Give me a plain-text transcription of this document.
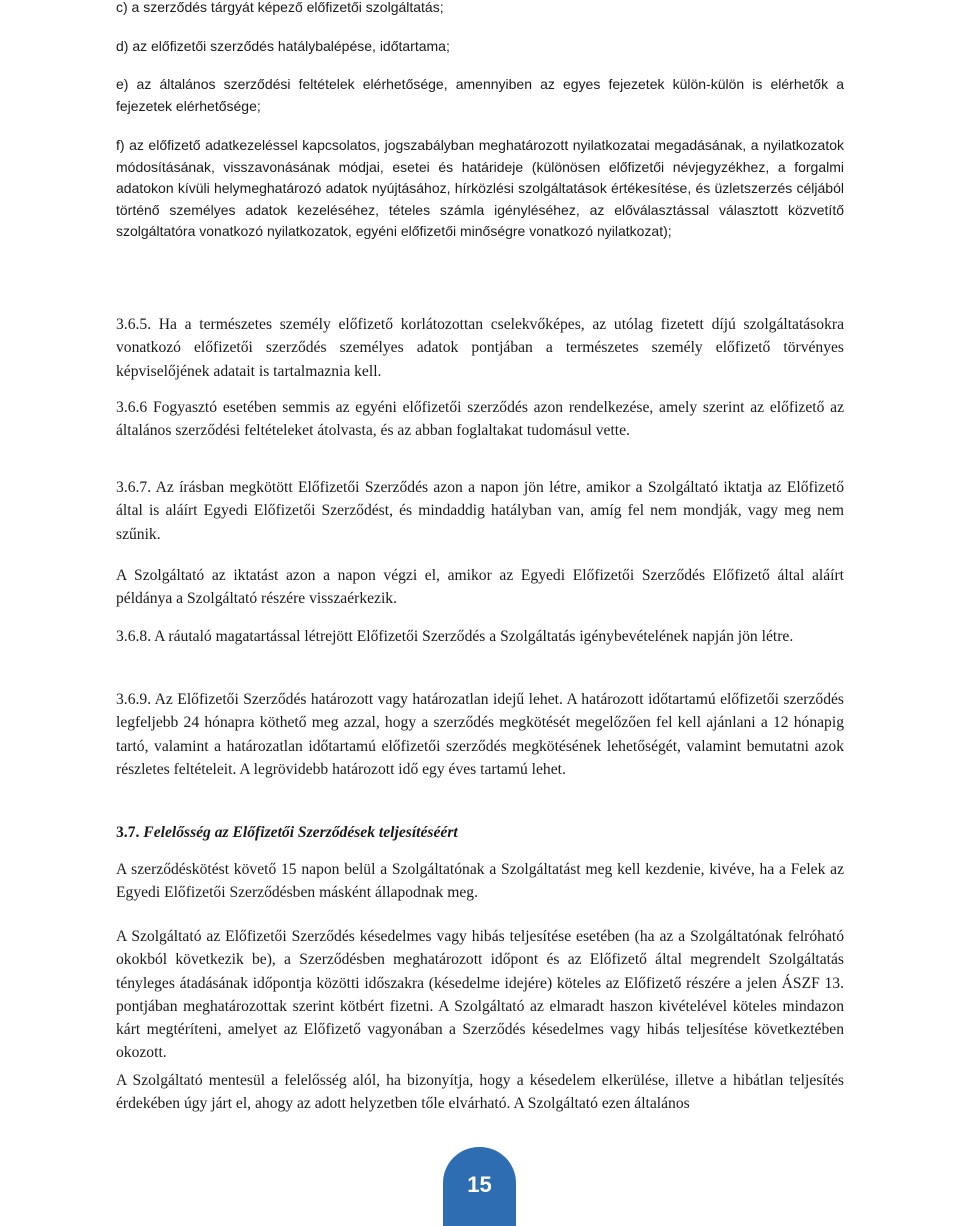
c) a szerződés tárgyát képező előfizetői szolgáltatás;

d) az előfizetői szerződés hatálybalépése, időtartama;

e) az általános szerződési feltételek elérhetősége, amennyiben az egyes fejezetek külön-külön is elérhetők a fejezetek elérhetősége;

f) az előfizető adatkezeléssel kapcsolatos, jogszabályban meghatározott nyilatkozatai megadásának, a nyilatkozatok módosításának, visszavonásának módjai, esetei és határideje (különösen előfizetői névjegyzékhez, a forgalmi adatokon kívüli helymeghatározó adatok nyújtásához, hírközlési szolgáltatások értékesítése, és üzletszerzés céljából történő személyes adatok kezeléséhez, tételes számla igényléséhez, az előválasztással választott közvetítő szolgáltatóra vonatkozó nyilatkozatok, egyéni előfizetői minőségre vonatkozó nyilatkozat);

3.6.5. Ha a természetes személy előfizető korlátozottan cselekvőképes, az utólag fizetett díjú szolgáltatásokra vonatkozó előfizetői szerződés személyes adatok pontjában a természetes személy előfizető törvényes képviselőjének adatait is tartalmaznia kell.

3.6.6 Fogyasztó esetében semmis az egyéni előfizetői szerződés azon rendelkezése, amely szerint az előfizető az általános szerződési feltételeket átolvasta, és az abban foglaltakat tudomásul vette.

3.6.7. Az írásban megkötött Előfizetői Szerződés azon a napon jön létre, amikor a Szolgáltató iktatja az Előfizető által is aláírt Egyedi Előfizetői Szerződést, és mindaddig hatályban van, amíg fel nem mondják, vagy meg nem szűnik.

A Szolgáltató az iktatást azon a napon végzi el, amikor az Egyedi Előfizetői Szerződés Előfizető által aláírt példánya a Szolgáltató részére visszaérkezik.

3.6.8. A ráutaló magatartással létrejött Előfizetői Szerződés a Szolgáltatás igénybevételének napján jön létre.

3.6.9. Az Előfizetői Szerződés határozott vagy határozatlan idejű lehet. A határozott időtartamú előfizetői szerződés legfeljebb 24 hónapra köthető meg azzal, hogy a szerződés megkötését megelőzően fel kell ajánlani a 12 hónapig tartó, valamint a határozatlan időtartamú előfizetői szerződés megkötésének lehetőségét, valamint bemutatni azok részletes feltételeit. A legrövidebb határozott idő egy éves tartamú lehet.

3.7. Felelősség az Előfizetői Szerződések teljesítéséért

A szerződéskötést követő 15 napon belül a Szolgáltatónak a Szolgáltatást meg kell kezdenie, kivéve, ha a Felek az Egyedi Előfizetői Szerződésben másként állapodnak meg.

A Szolgáltató az Előfizetői Szerződés késedelmes vagy hibás teljesítése esetében (ha az a Szolgáltatónak felróható okokból következik be), a Szerződésben meghatározott időpont és az Előfizető által megrendelt Szolgáltatás tényleges átadásának időpontja közötti időszakra (késedelme idejére) köteles az Előfizető részére a jelen ÁSZF 13. pontjában meghatározottak szerint kötbért fizetni. A Szolgáltató az elmaradt haszon kivételével köteles mindazon kárt megtéríteni, amelyet az Előfizető vagyonában a Szerződés késedelmes vagy hibás teljesítése következtében okozott.

A Szolgáltató mentesül a felelősség alól, ha bizonyítja, hogy a késedelem elkerülése, illetve a hibátlan teljesítés érdekében úgy járt el, ahogy az adott helyzetben tőle elvárható. A Szolgáltató ezen általános

15
